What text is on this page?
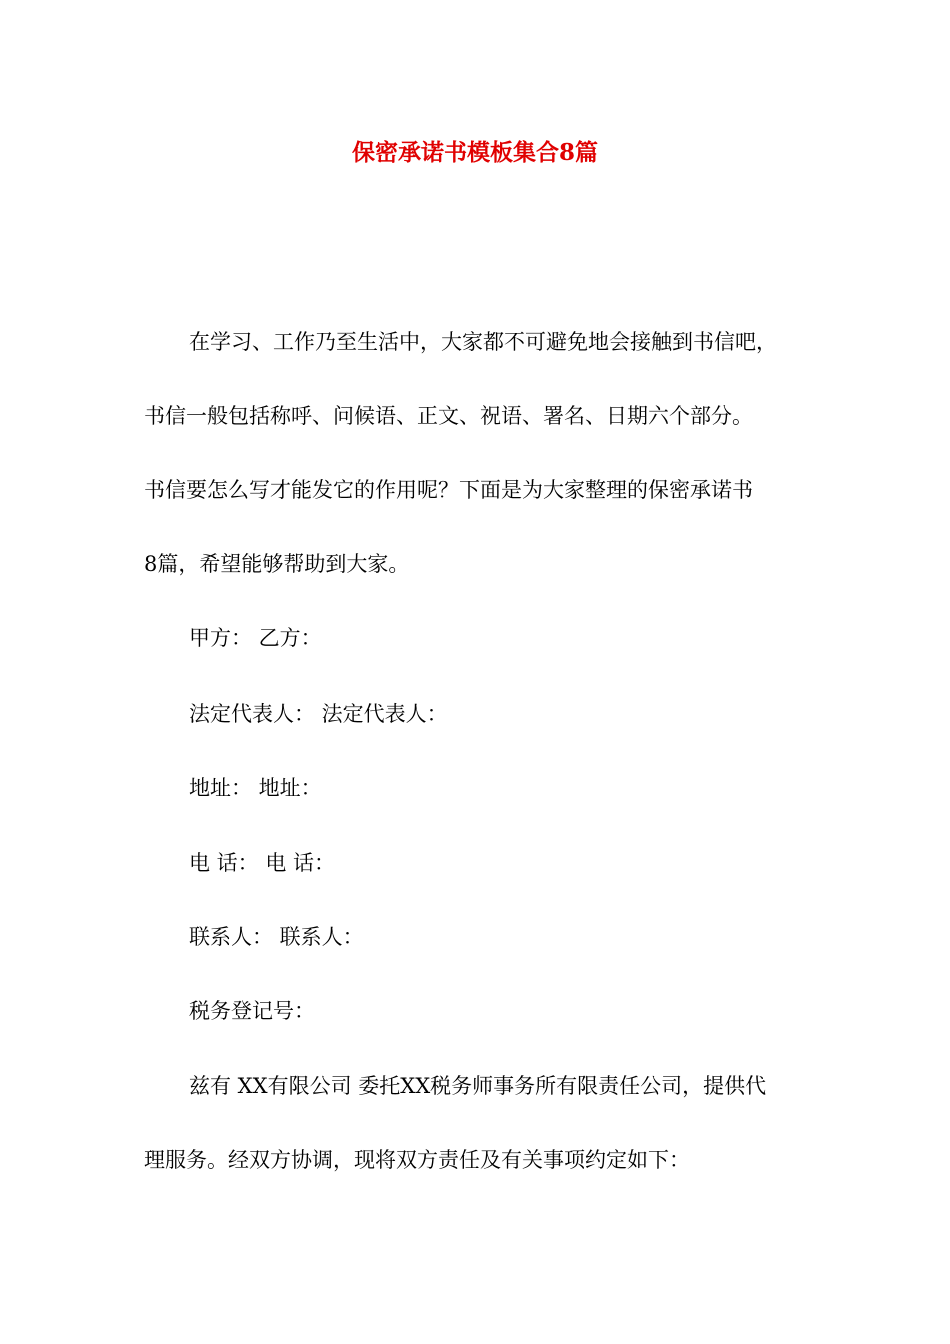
保密承诺书模板集合8篇

在学习、工作乃至生活中，大家都不可避免地会接触到书信吧，

书信一般包括称呼、问候语、正文、祝语、署名、日期六个部分。

书信要怎么写才能发它的作用呢？下面是为大家整理的保密承诺书

8篇，希望能够帮助到大家。

甲方： 乙方：

法定代表人： 法定代表人：

地址： 地址：

电 话： 电 话：

联系人： 联系人：

税务登记号：

兹有 XX有限公司 委托XX税务师事务所有限责任公司，提供代

理服务。经双方协调，现将双方责任及有关事项约定如下：
